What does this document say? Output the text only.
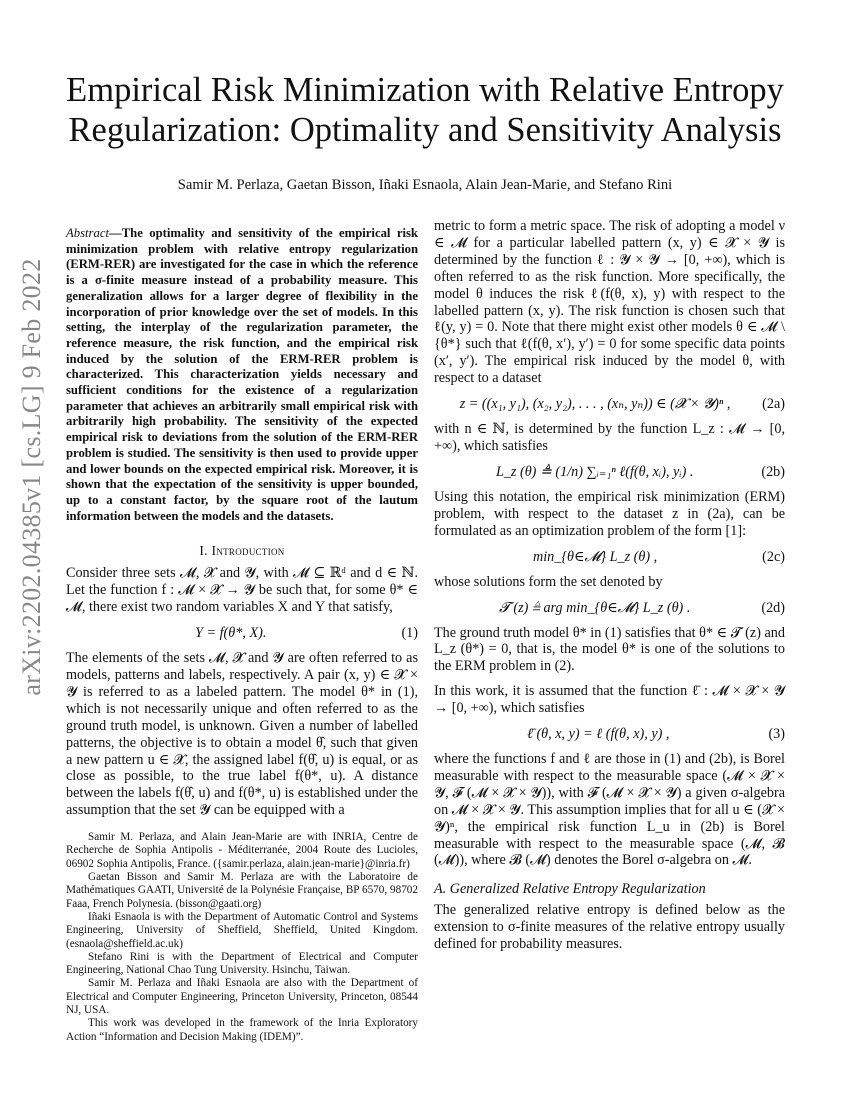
arXiv:2202.04385v1 [cs.LG] 9 Feb 2022
Empirical Risk Minimization with Relative Entropy
Regularization: Optimality and Sensitivity Analysis
Samir M. Perlaza, Gaetan Bisson, Iñaki Esnaola, Alain Jean-Marie, and Stefano Rini

Abstract—The optimality and sensitivity of the empirical risk minimization problem with relative entropy regularization (ERM-RER) are investigated for the case in which the reference is a σ-finite measure instead of a probability measure. This generalization allows for a larger degree of flexibility in the incorporation of prior knowledge over the set of models. In this setting, the interplay of the regularization parameter, the reference measure, the risk function, and the empirical risk induced by the solution of the ERM-RER problem is characterized. This characterization yields necessary and sufficient conditions for the existence of a regularization parameter that achieves an arbitrarily small empirical risk with arbitrarily high probability. The sensitivity of the expected empirical risk to deviations from the solution of the ERM-RER problem is studied. The sensitivity is then used to provide upper and lower bounds on the expected empirical risk. Moreover, it is shown that the expectation of the sensitivity is upper bounded, up to a constant factor, by the square root of the lautum information between the models and the datasets.

I. Introduction

Consider three sets 𝓜, 𝓧 and 𝓨, with 𝓜 ⊆ ℝᵈ and d ∈ ℕ. Let the function f : 𝓜 × 𝓧 → 𝓨 be such that, for some θ* ∈ 𝓜, there exist two random variables X and Y that satisfy,

Y = f(θ*, X).	(1)

The elements of the sets 𝓜, 𝓧 and 𝓨 are often referred to as models, patterns and labels, respectively. A pair (x, y) ∈ 𝓧 × 𝓨 is referred to as a labeled pattern. The model θ* in (1), which is not necessarily unique and often referred to as the ground truth model, is unknown. Given a number of labelled patterns, the objective is to obtain a model θ̂, such that given a new pattern u ∈ 𝓧, the assigned label f(θ̂, u) is equal, or as close as possible, to the true label f(θ*, u). A distance between the labels f(θ̂, u) and f(θ*, u) is established under the assumption that the set 𝓨 can be equipped with a

Samir M. Perlaza, and Alain Jean-Marie are with INRIA, Centre de Recherche de Sophia Antipolis - Méditerranée, 2004 Route des Lucioles, 06902 Sophia Antipolis, France. ({samir.perlaza, alain.jean-marie}@inria.fr)

Gaetan Bisson and Samir M. Perlaza are with the Laboratoire de Mathématiques GAATI, Université de la Polynésie Française, BP 6570, 98702 Faaa, French Polynesia. (bisson@gaati.org)

Iñaki Esnaola is with the Department of Automatic Control and Systems Engineering, University of Sheffield, Sheffield, United Kingdom. (esnaola@sheffield.ac.uk)

Stefano Rini is with the Department of Electrical and Computer Engineering, National Chao Tung University. Hsinchu, Taiwan.

Samir M. Perlaza and Iñaki Esnaola are also with the Department of Electrical and Computer Engineering, Princeton University, Princeton, 08544 NJ, USA.

This work was developed in the framework of the Inria Exploratory Action “Information and Decision Making (IDEM)”.

metric to form a metric space. The risk of adopting a model ν ∈ 𝓜 for a particular labelled pattern (x, y) ∈ 𝓧 × 𝓨 is determined by the function ℓ : 𝓨 × 𝓨 → [0, +∞), which is often referred to as the risk function. More specifically, the model θ induces the risk ℓ(f(θ, x), y) with respect to the labelled pattern (x, y). The risk function is chosen such that ℓ(y, y) = 0. Note that there might exist other models θ ∈ 𝓜 \ {θ*} such that ℓ(f(θ, x′), y′) = 0 for some specific data points (x′, y′). The empirical risk induced by the model θ, with respect to a dataset

z = ((x₁, y₁), (x₂, y₂), . . . , (xₙ, yₙ)) ∈ (𝓧 × 𝓨)ⁿ ,	(2a)

with n ∈ ℕ, is determined by the function L_z : 𝓜 → [0, +∞), which satisfies

L_z (θ) ≜ (1/n) ∑ᵢ₌₁ⁿ ℓ(f(θ, xᵢ), yᵢ) .	(2b)

Using this notation, the empirical risk minimization (ERM) problem, with respect to the dataset z in (2a), can be formulated as an optimization problem of the form [1]:

min_{θ∈𝓜} L_z (θ) ,	(2c)

whose solutions form the set denoted by

𝓣 (z) ≜ arg min_{θ∈𝓜} L_z (θ) .	(2d)

The ground truth model θ* in (1) satisfies that θ* ∈ 𝓣 (z) and L_z (θ*) = 0, that is, the model θ* is one of the solutions to the ERM problem in (2).

In this work, it is assumed that the function ℓ̄ : 𝓜 × 𝓧 × 𝓨 → [0, +∞), which satisfies

ℓ̄ (θ, x, y) = ℓ (f(θ, x), y) ,	(3)

where the functions f and ℓ are those in (1) and (2b), is Borel measurable with respect to the measurable space (𝓜 × 𝓧 × 𝓨, 𝓕 (𝓜 × 𝓧 × 𝓨)), with 𝓕 (𝓜 × 𝓧 × 𝓨) a given σ-algebra on 𝓜 × 𝓧 × 𝓨. This assumption implies that for all u ∈ (𝓧 × 𝓨)ⁿ, the empirical risk function L_u in (2b) is Borel measurable with respect to the measurable space (𝓜, 𝓑 (𝓜)), where 𝓑 (𝓜) denotes the Borel σ-algebra on 𝓜.

A. Generalized Relative Entropy Regularization

The generalized relative entropy is defined below as the extension to σ-finite measures of the relative entropy usually defined for probability measures.
